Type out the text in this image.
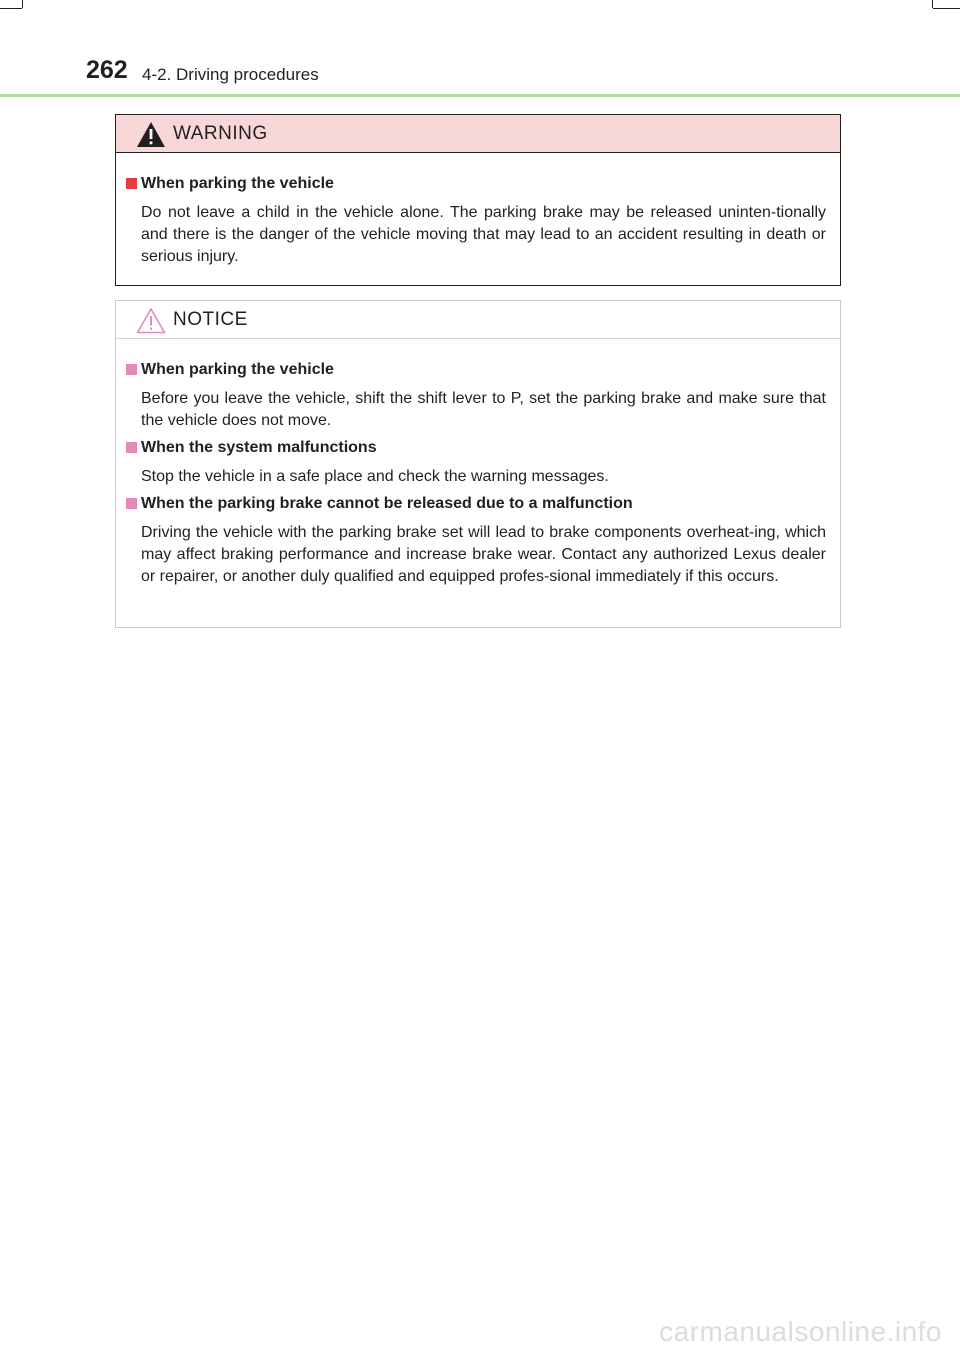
262 4-2. Driving procedures
WARNING
When parking the vehicle
Do not leave a child in the vehicle alone. The parking brake may be released uninten-tionally and there is the danger of the vehicle moving that may lead to an accident resulting in death or serious injury.
NOTICE
When parking the vehicle
Before you leave the vehicle, shift the shift lever to P, set the parking brake and make sure that the vehicle does not move.
When the system malfunctions
Stop the vehicle in a safe place and check the warning messages.
When the parking brake cannot be released due to a malfunction
Driving the vehicle with the parking brake set will lead to brake components overheat-ing, which may affect braking performance and increase brake wear. Contact any authorized Lexus dealer or repairer, or another duly qualified and equipped profes-sional immediately if this occurs.
carmanualsonline.info
